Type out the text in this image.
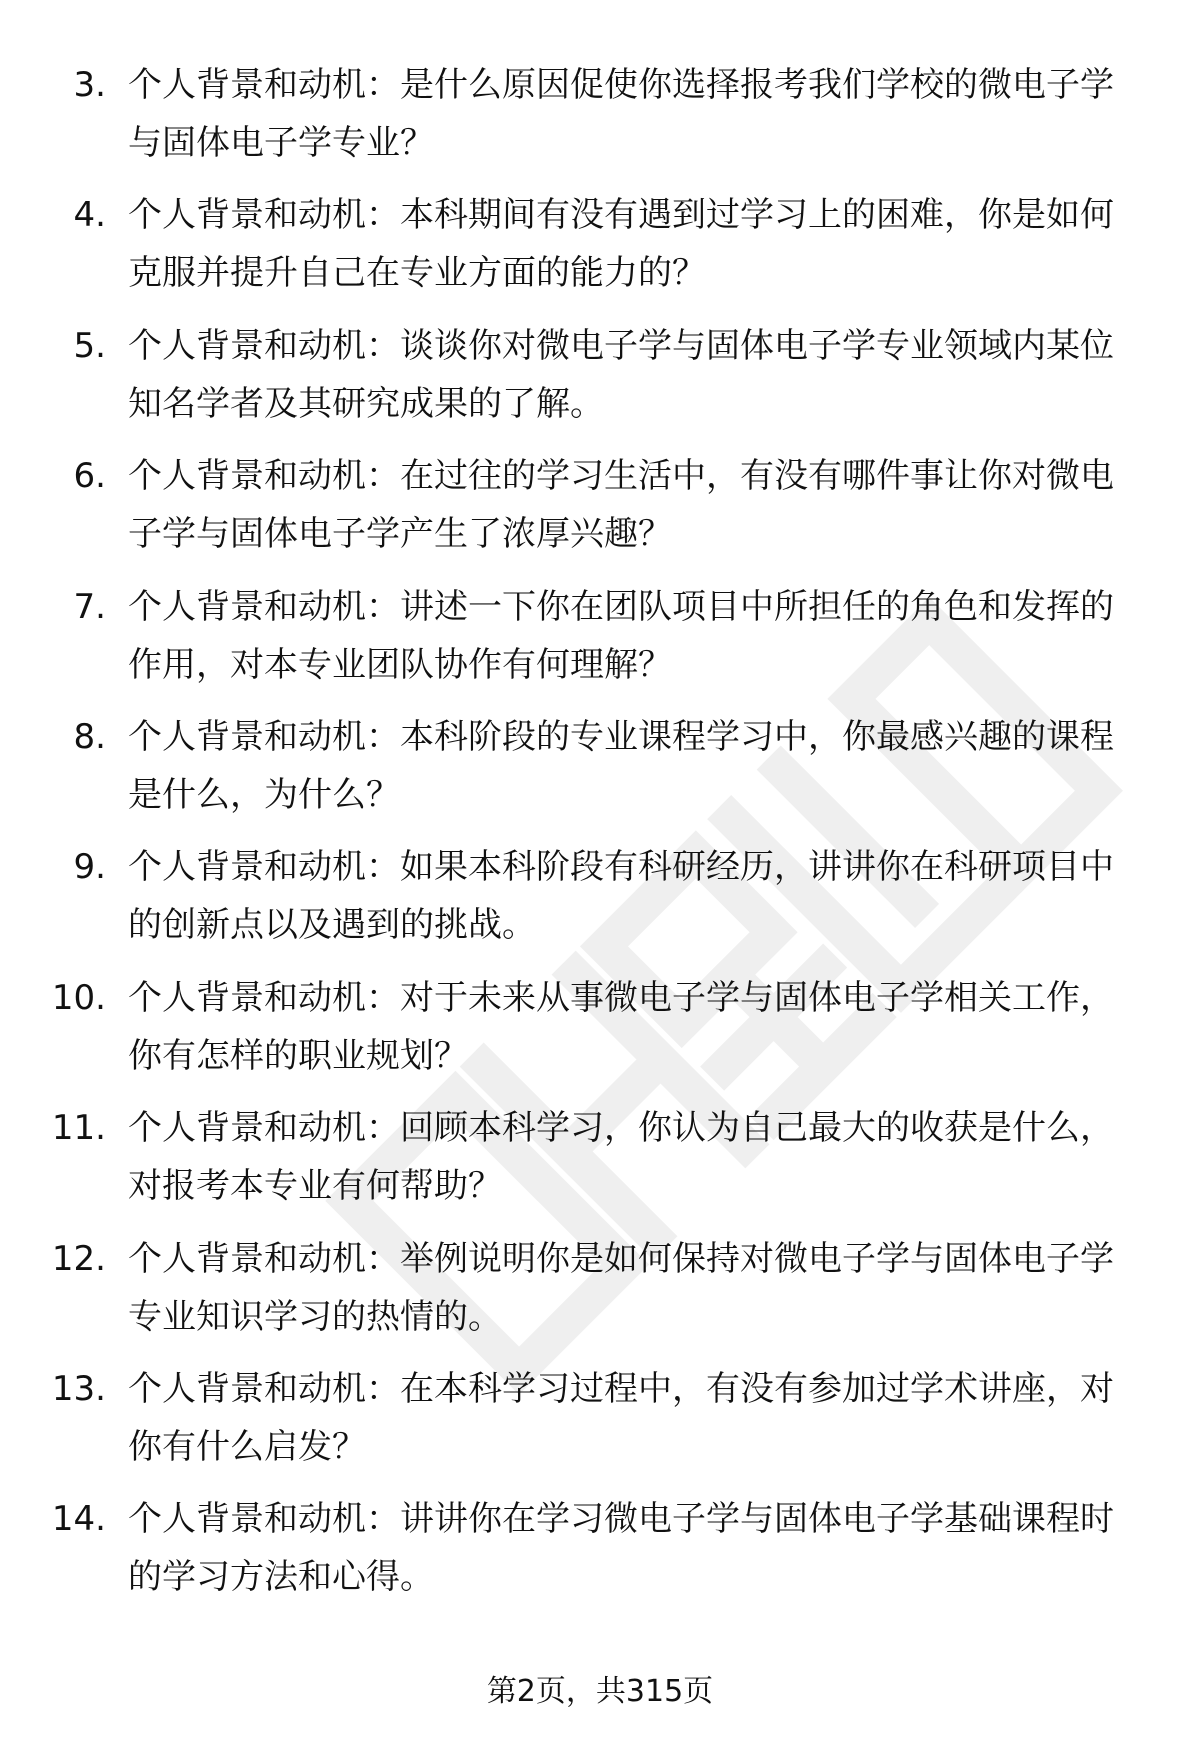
3. 个人背景和动机：是什么原因促使你选择报考我们学校的微电子学与固体电子学专业？
4. 个人背景和动机：本科期间有没有遇到过学习上的困难，你是如何克服并提升自己在专业方面的能力的？
5. 个人背景和动机：谈谈你对微电子学与固体电子学专业领域内某位知名学者及其研究成果的了解。
6. 个人背景和动机：在过往的学习生活中，有没有哪件事让你对微电子学与固体电子学产生了浓厚兴趣？
7. 个人背景和动机：讲述一下你在团队项目中所担任的角色和发挥的作用，对本专业团队协作有何理解？
8. 个人背景和动机：本科阶段的专业课程学习中，你最感兴趣的课程是什么，为什么？
9. 个人背景和动机：如果本科阶段有科研经历，讲讲你在科研项目中的创新点以及遇到的挑战。
10. 个人背景和动机：对于未来从事微电子学与固体电子学相关工作，你有怎样的职业规划？
11. 个人背景和动机：回顾本科学习，你认为自己最大的收获是什么，对报考本专业有何帮助？
12. 个人背景和动机：举例说明你是如何保持对微电子学与固体电子学专业知识学习的热情的。
13. 个人背景和动机：在本科学习过程中，有没有参加过学术讲座，对你有什么启发？
14. 个人背景和动机：讲讲你在学习微电子学与固体电子学基础课程时的学习方法和心得。
第2页，共315页
